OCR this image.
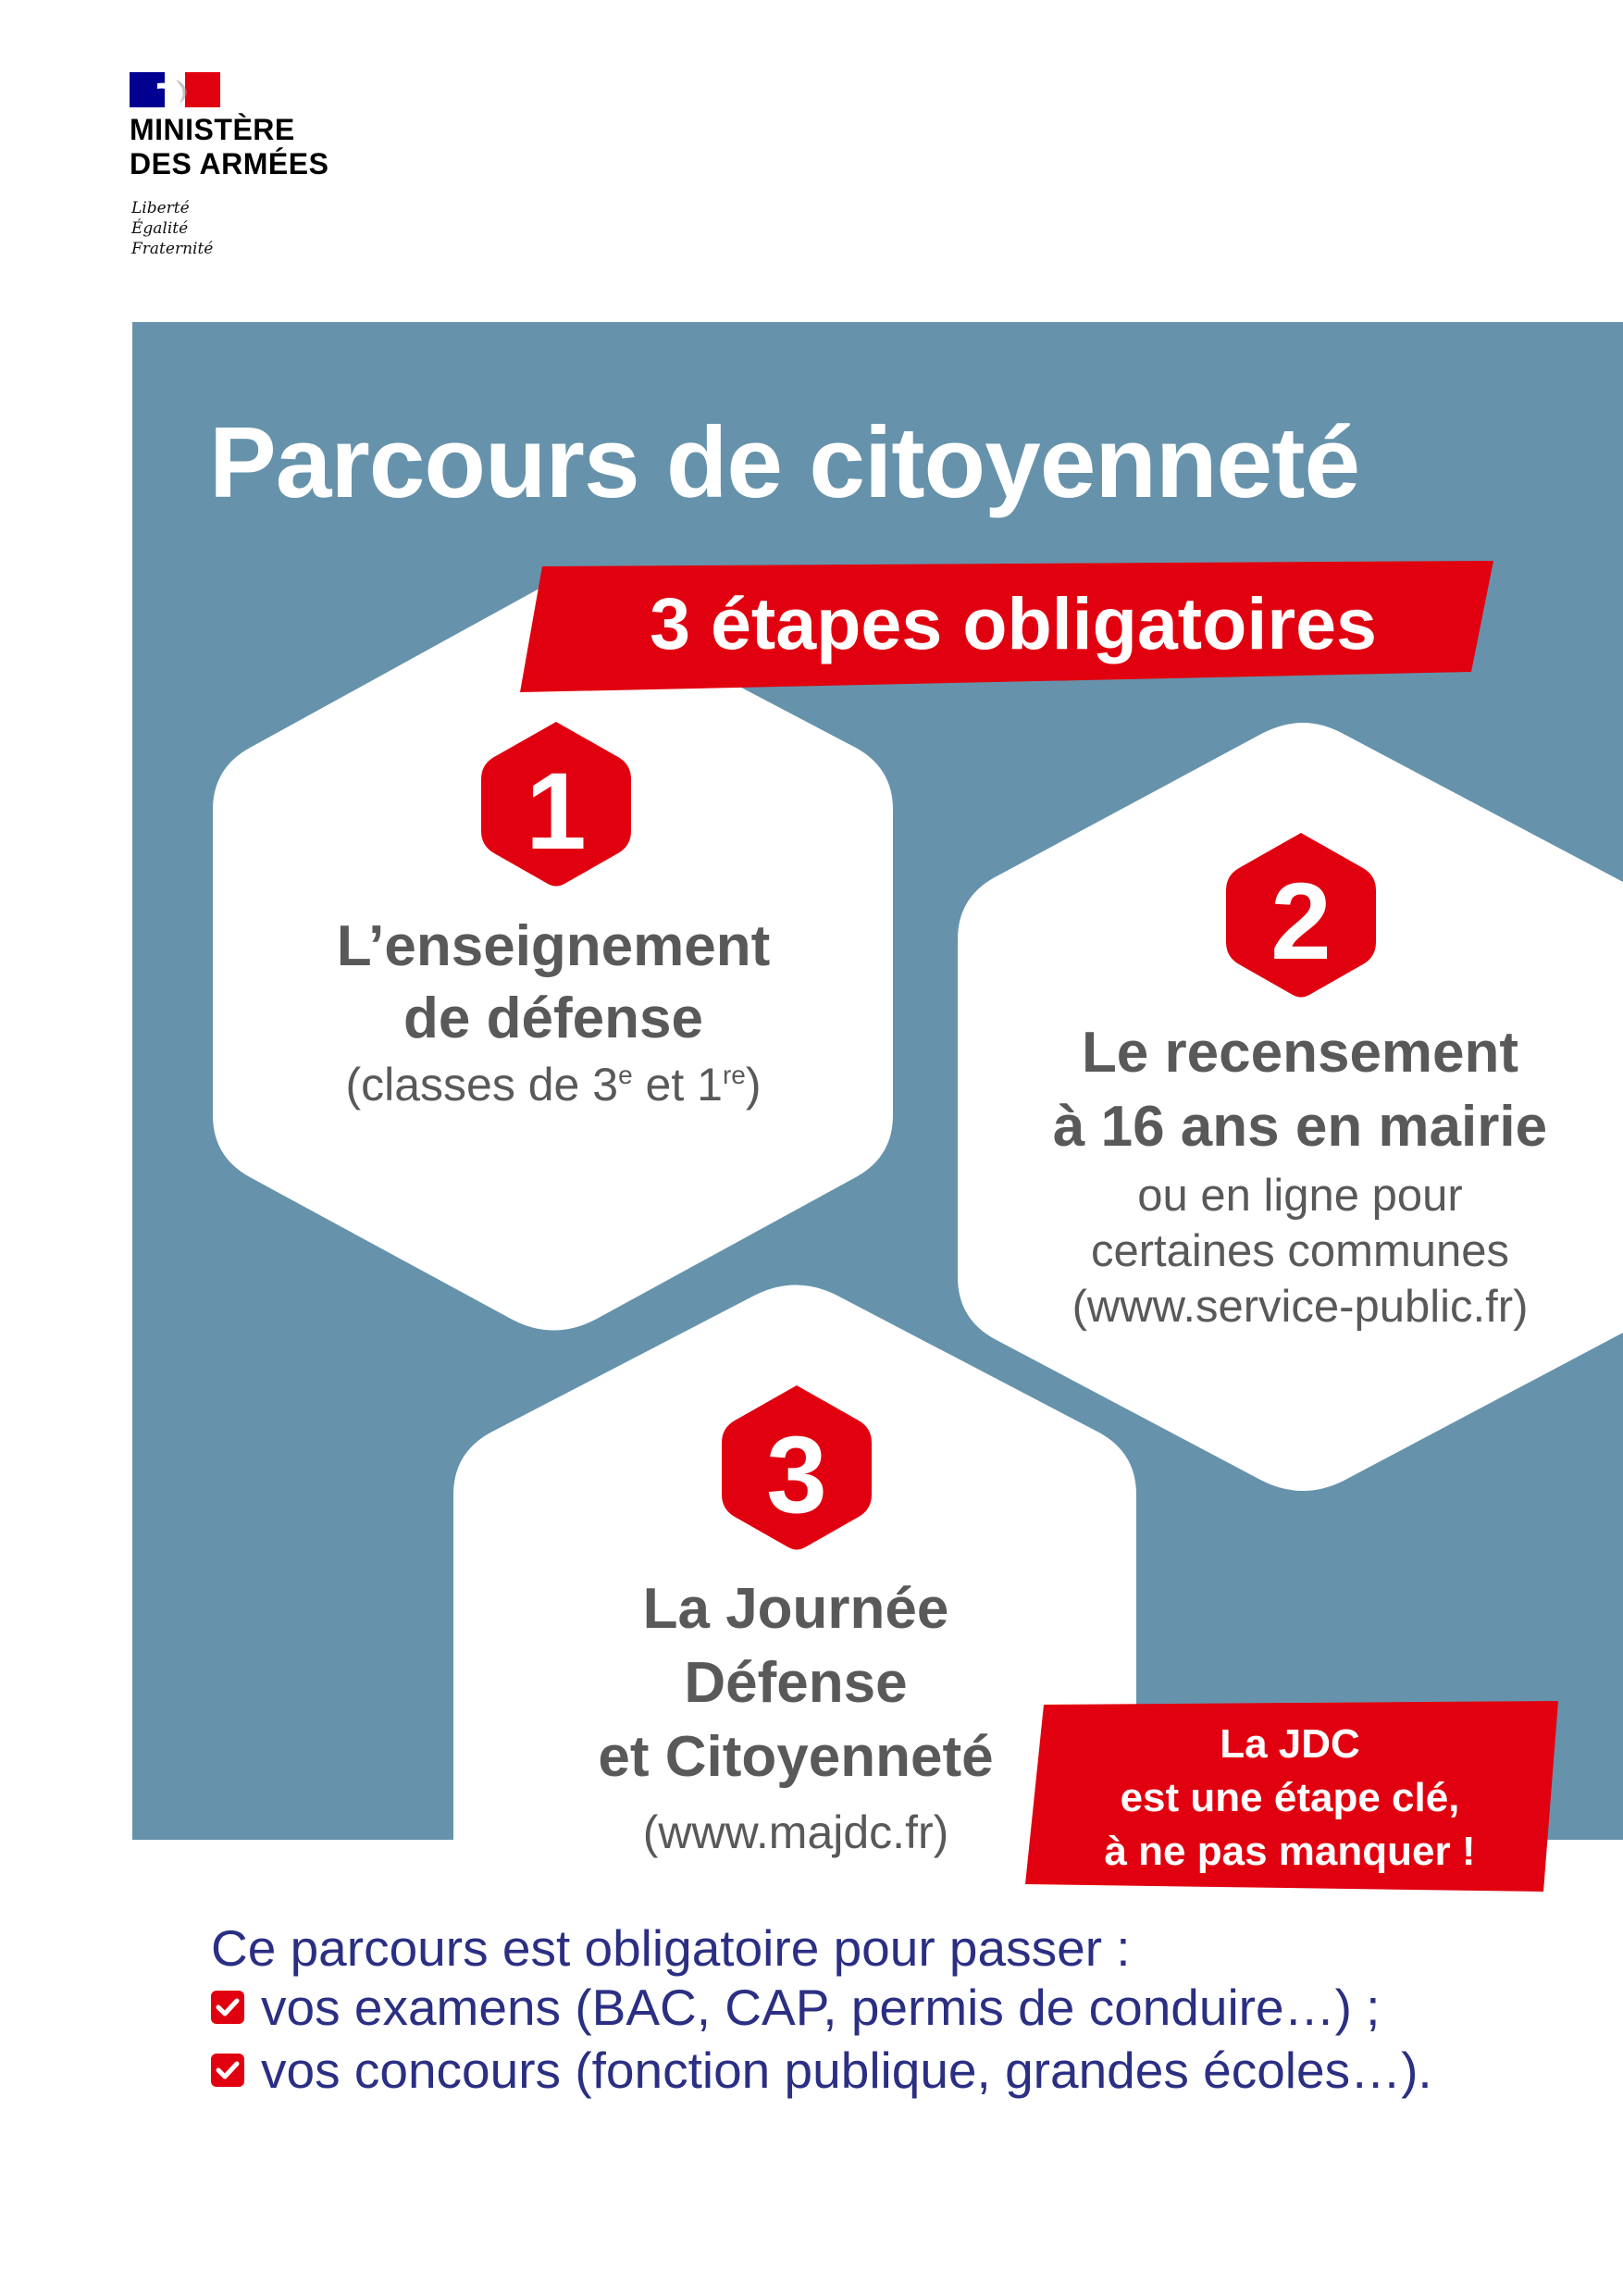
MINISTÈRE
DES ARMÉES
Liberté
Égalité
Fraternité
Parcours de citoyenneté
1
2
3
3 étapes obligatoires
L’enseignement
de défense
(classes de 3e et 1re)	Le recensement
à 16 ans en mairie
ou en ligne pour
certaines communes
(www.service-public.fr)
La Journée
Défense
et Citoyenneté
(www.majdc.fr)
La JDC
est une étape clé,
à ne pas manquer !
Ce parcours est obligatoire pour passer :
vos examens (BAC, CAP, permis de conduire…) ;
vos concours (fonction publique, grandes écoles…).
